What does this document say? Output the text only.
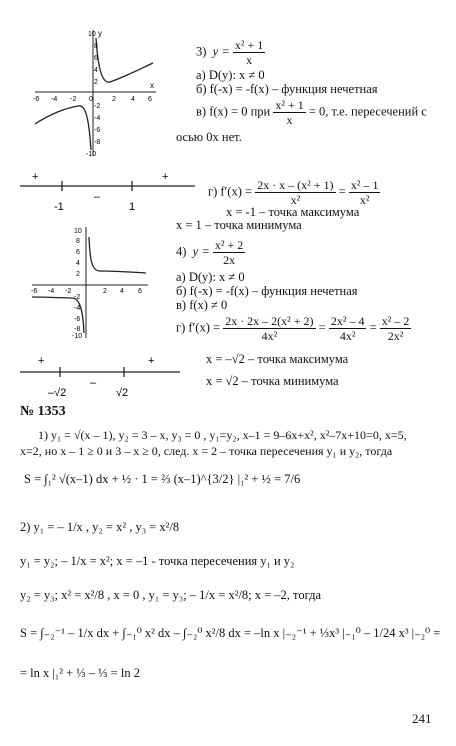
10 y
x
8
6
4
2
-2
-4
-6
-8
-10
-6 -4 -2 0	2 4 6
3) $y = \frac{\text{x² + 1}}{x}$
а) D(y): x ≠ 0
б) f(-x) = -f(x) – функция нечетная
в) f(x) = 0 при $\frac{\text{x² + 1}}{x} = 0$, т.е. пересечений с
осью 0x нет.
+
–
+
-1	1
г) $f'(x) = \frac{\text{2x · x – (x² + 1)}}{\text{x²}} = \frac{\text{x² – 1}}{\text{x²}}$
x = -1 – точка максимума
x = 1 – точка минимума
10
8
6
4
2
-2
-4
-6
-8
-10
-6 -4 -2	2 4 6
4) $y = \frac{\text{x² + 2}}{2x}$
а) D(y): x ≠ 0
б) f(-x) = -f(x) – функция нечетная
в) f(x) ≠ 0
г) $f'(x) = \frac{\text{2x · 2x – 2(x² + 2)}}{\text{4x²}} = \frac{\text{2x² – 4}}{\text{4x²}} = \frac{\text{x² – 2}}{\text{2x²}}$
x = –√2 – точка максимума
x = √2 – точка минимума
+
–
+
–√2	√2
№ 1353
1) y₁ = √(x – 1), y₂ = 3 – x, y₃ = 0 , y₁=y₂, x–1 = 9–6x+x², x²–7x+10=0, x=5,
x=2, но x – 1 ≥ 0 и 3 – x ≥ 0, след. x = 2 – точка пересечения y₁ и y₂, тогда
S = ∫₁² √(x–1) dx + ½ · 1 = ⅔ (x–1)^{3/2} |₁² + ½ = 7/6
2) y₁ = – 1/x , y₂ = x² , y₃ = x²/8
y₁ = y₂; – 1/x = x²; x = –1 - точка пересечения y₁ и y₂
y₂ = y₃; x² = x²/8 , x = 0 , y₁ = y₃; – 1/x = x²/8; x = –2, тогда
S = ∫₋₂⁻¹ – 1/x dx + ∫₋₁⁰ x² dx – ∫₋₂⁰ x²/8 dx = –ln x |₋₂⁻¹ + ⅓x³ |₋₁⁰ – 1/24 x³ |₋₂⁰ =
= ln x |₁² + ⅓ – ⅓ = ln 2
241
